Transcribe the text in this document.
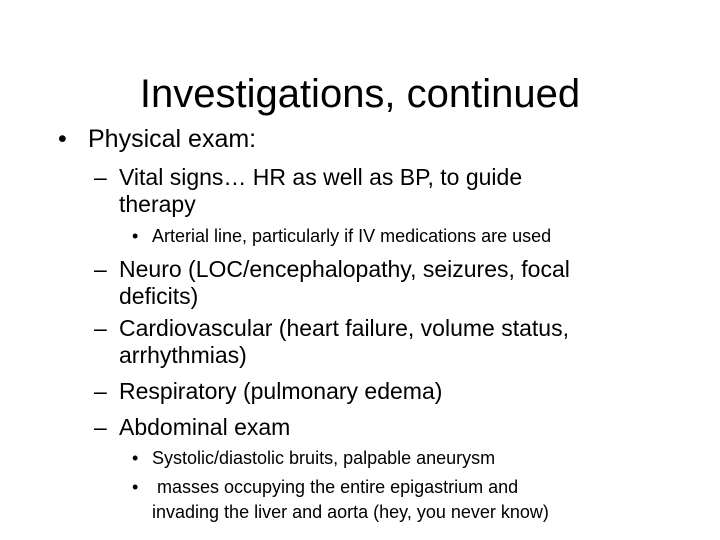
Investigations, continued
• Physical exam:
– Vital signs… HR as well as BP, to guide
therapy
• Arterial line, particularly if IV medications are used
– Neuro (LOC/encephalopathy, seizures, focal
deficits)
– Cardiovascular (heart failure, volume status,
arrhythmias)
– Respiratory (pulmonary edema)
– Abdominal exam
• Systolic/diastolic bruits, palpable aneurysm
• masses occupying the entire epigastrium and
invading the liver and aorta (hey, you never know)
